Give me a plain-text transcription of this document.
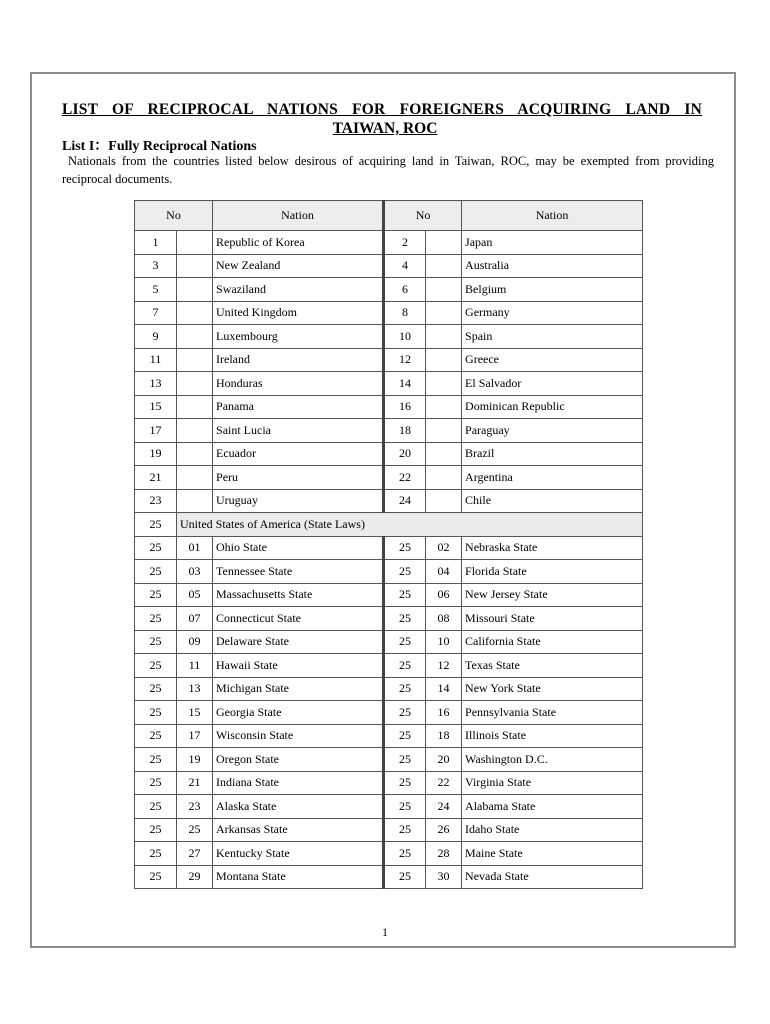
LIST OF RECIPROCAL NATIONS FOR FOREIGNERS ACQUIRING LAND IN
TAIWAN, ROC
List I：Fully Reciprocal Nations
Nationals from the countries listed below desirous of acquiring land in Taiwan, ROC, may be exempted from providing reciprocal documents.
No		Nation	No		Nation
1		Republic of Korea	2		Japan
3		New Zealand	4		Australia
5		Swaziland	6		Belgium
7		United Kingdom	8		Germany
9		Luxembourg	10		Spain
11		Ireland	12		Greece
13		Honduras	14		El Salvador
15		Panama	16		Dominican Republic
17		Saint Lucia	18		Paraguay
19		Ecuador	20		Brazil
21		Peru	22		Argentina
23		Uruguay	24		Chile
25	United States of America (State Laws)				
25	01	Ohio State	25	02	Nebraska State
25	03	Tennessee State	25	04	Florida State
25	05	Massachusetts State	25	06	New Jersey State
25	07	Connecticut State	25	08	Missouri State
25	09	Delaware State	25	10	California State
25	11	Hawaii State	25	12	Texas State
25	13	Michigan State	25	14	New York State
25	15	Georgia State	25	16	Pennsylvania State
25	17	Wisconsin State	25	18	Illinois State
25	19	Oregon State	25	20	Washington D.C.
25	21	Indiana State	25	22	Virginia State
25	23	Alaska State	25	24	Alabama State
25	25	Arkansas State	25	26	Idaho State
25	27	Kentucky State	25	28	Maine State
25	29	Montana State	25	30	Nevada State
1
